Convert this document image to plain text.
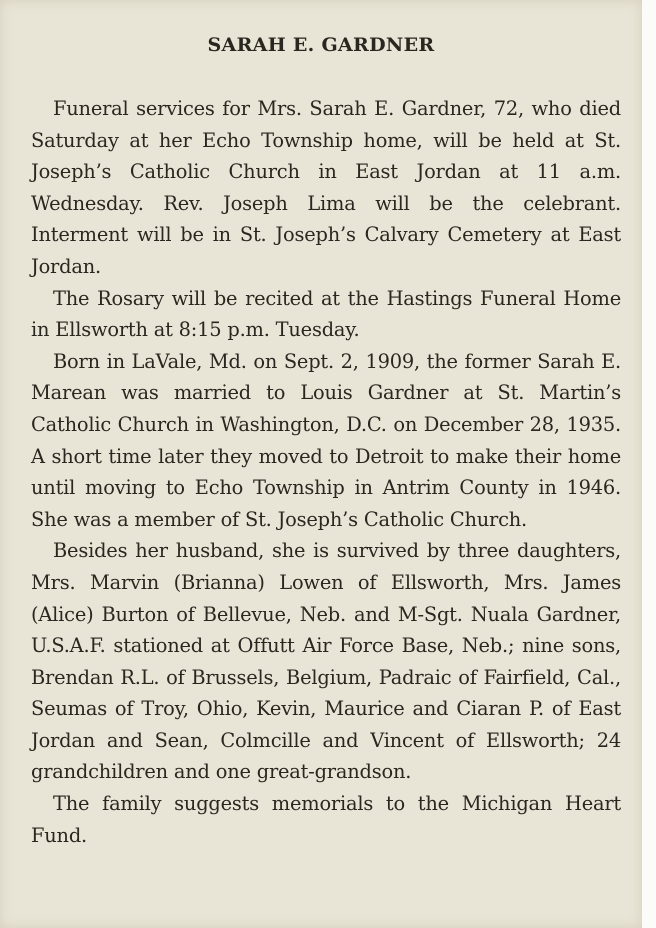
SARAH E. GARDNER

Funeral services for Mrs. Sarah E. Gardner, 72, who died Saturday at her Echo Township home, will be held at St. Joseph’s Catholic Church in East Jordan at 11 a.m. Wednesday. Rev. Joseph Lima will be the celebrant. Interment will be in St. Joseph’s Calvary Cemetery at East Jordan.

The Rosary will be recited at the Hastings Funeral Home in Ellsworth at 8:15 p.m. Tuesday.

Born in LaVale, Md. on Sept. 2, 1909, the former Sarah E. Marean was married to Louis Gardner at St. Martin’s Catholic Church in Washington, D.C. on December 28, 1935. A short time later they moved to Detroit to make their home until moving to Echo Township in Antrim County in 1946. She was a member of St. Joseph’s Catholic Church.

Besides her husband, she is survived by three daughters, Mrs. Marvin (Brianna) Lowen of Ellsworth, Mrs. James (Alice) Burton of Bellevue, Neb. and M-Sgt. Nuala Gardner, U.S.A.F. stationed at Offutt Air Force Base, Neb.; nine sons, Brendan R.L. of Brussels, Belgium, Padraic of Fairfield, Cal., Seumas of Troy, Ohio, Kevin, Maurice and Ciaran P. of East Jordan and Sean, Colmcille and Vincent of Ellsworth; 24 grandchildren and one great-grandson.

The family suggests memorials to the Michigan Heart Fund.
